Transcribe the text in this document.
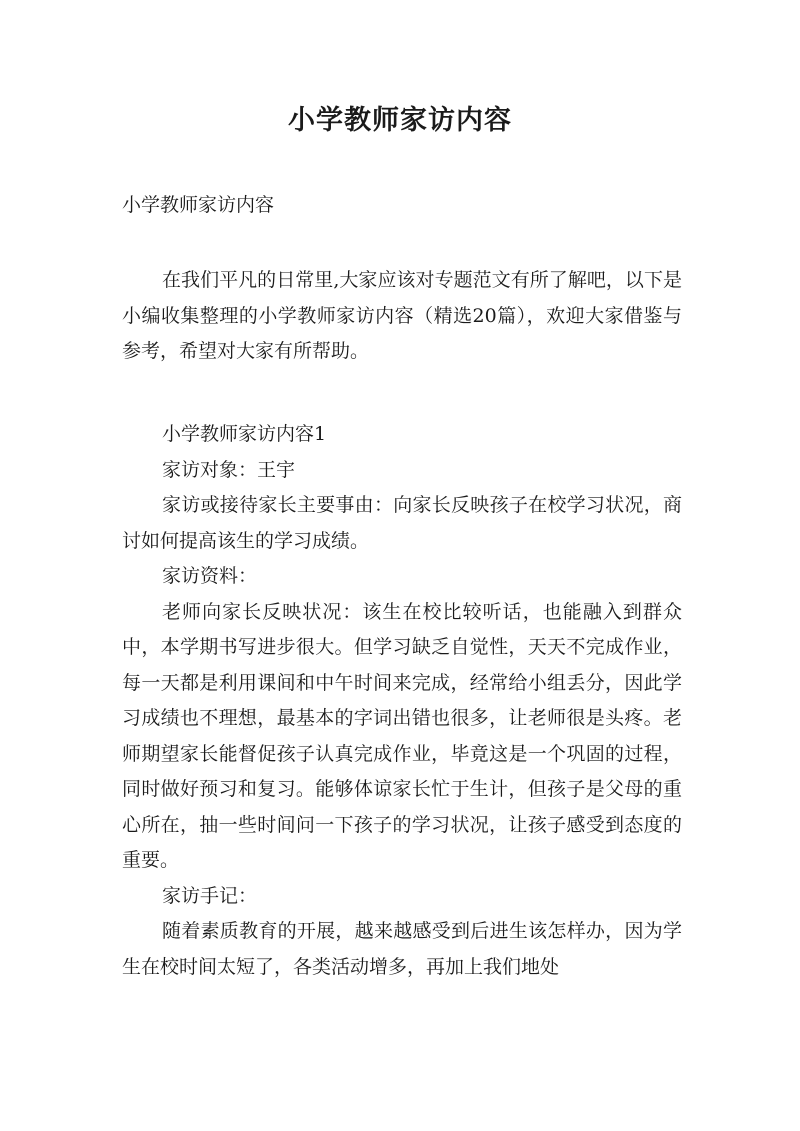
小学教师家访内容

小学教师家访内容

在我们平凡的日常里,大家应该对专题范文有所了解吧，以下是小编收集整理的小学教师家访内容（精选20篇），欢迎大家借鉴与参考，希望对大家有所帮助。

小学教师家访内容1

家访对象：王宇

家访或接待家长主要事由：向家长反映孩子在校学习状况，商讨如何提高该生的学习成绩。

家访资料：

老师向家长反映状况：该生在校比较听话，也能融入到群众中，本学期书写进步很大。但学习缺乏自觉性，天天不完成作业，每一天都是利用课间和中午时间来完成，经常给小组丢分，因此学习成绩也不理想，最基本的字词出错也很多，让老师很是头疼。老师期望家长能督促孩子认真完成作业，毕竟这是一个巩固的过程，同时做好预习和复习。能够体谅家长忙于生计，但孩子是父母的重心所在，抽一些时间问一下孩子的学习状况，让孩子感受到态度的重要。

家访手记：

随着素质教育的开展，越来越感受到后进生该怎样办，因为学生在校时间太短了，各类活动增多，再加上我们地处
